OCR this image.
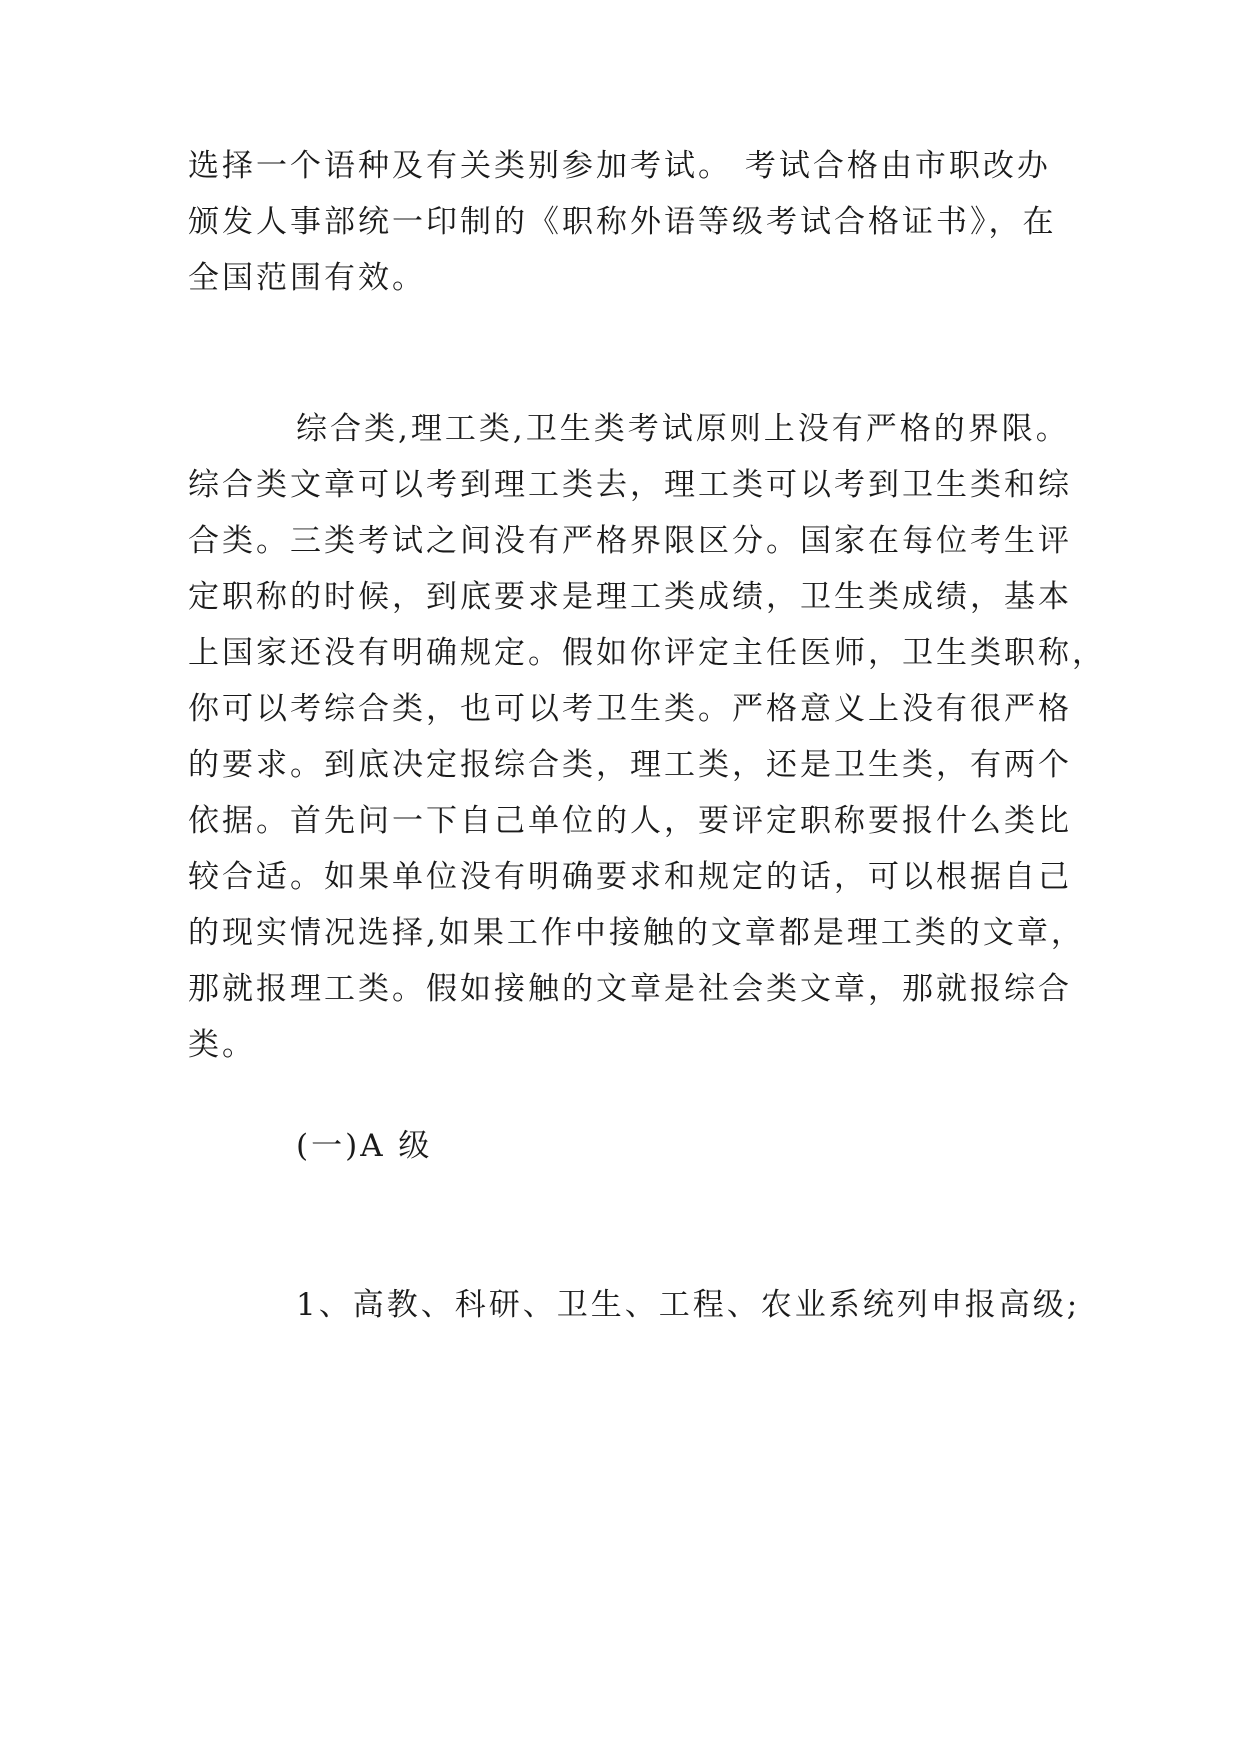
选择一个语种及有关类别参加考试。 考试合格由市职改办
颁发人事部统一印制的《职称外语等级考试合格证书》，在
全国范围有效。
综合类,理工类,卫生类考试原则上没有严格的界限。
综合类文章可以考到理工类去，理工类可以考到卫生类和综
合类。三类考试之间没有严格界限区分。国家在每位考生评
定职称的时候，到底要求是理工类成绩，卫生类成绩，基本
上国家还没有明确规定。假如你评定主任医师，卫生类职称，
你可以考综合类，也可以考卫生类。严格意义上没有很严格
的要求。到底决定报综合类，理工类，还是卫生类，有两个
依据。首先问一下自己单位的人，要评定职称要报什么类比
较合适。如果单位没有明确要求和规定的话，可以根据自己
的现实情况选择,如果工作中接触的文章都是理工类的文章，
那就报理工类。假如接触的文章是社会类文章，那就报综合
类。
(一)A 级
1、高教、科研、卫生、工程、农业系统列申报高级;
